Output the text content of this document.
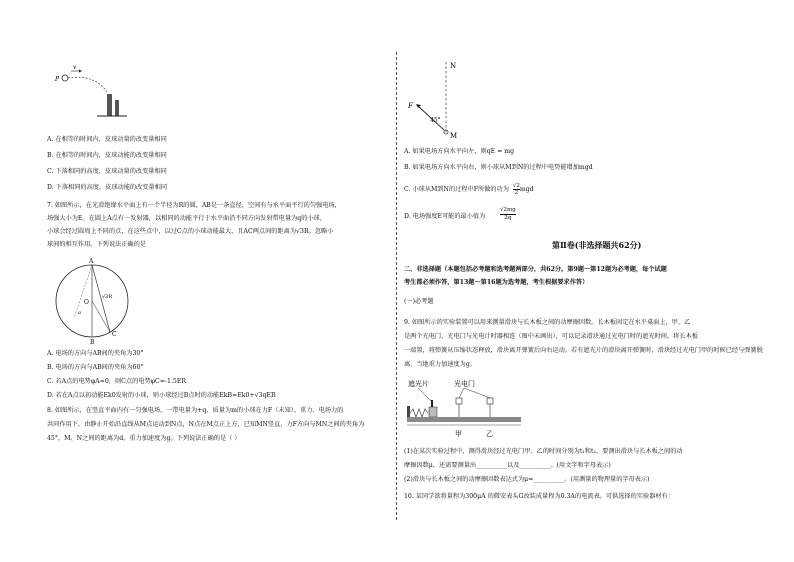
v
P
A. 在相等的时间内，皮球动量的改变量相同
B. 在相等的时间内，皮球动能的改变量相同
C. 下落相同的高度，皮球动量的改变量相同
D. 下落相同的高度，皮球动能的改变量相同
7. 如图所示，在光滑绝缘水平面上有一个半径为R的圆，AB是一条直径，空间有与水平面平行的匀强电场，
场强大小为E。在圆上A点有一发射器，以相同的动能平行于水平面沿不同方向发射带电量为q的小球，
小球会经过圆周上不同的点，在这些点中，以过C点的小球动能最大，且AC两点间的距离为√3R。忽略小
球间的相互作用。下列说法正确的是
A
B
C
O
√3R
a
A. 电场的方向与AB间的夹角为30°
B. 电场的方向与AB间的夹角为60°
C. 若A点的电势φA=0，则C点的电势φC=-1.5ER
D. 若在A点以初动能Ek0发射的小球，则小球经过B点时的动能EkB=Ek0+√3qER
8. 如图所示，在竖直平面内有一匀强电场，一带电量为+q、质量为m的小球在力F（未知）、重力、电场力的
共同作用下，由静止开始沿直线从M点运动到N点，N点在M点正上方，已知MN竖直，力F方向与MN之间的夹角为
45°，M、N之间的距离为d，重力加速度为g。下列说法正确的是（ ）
N
F
45°
M
A. 如果电场方向水平向左，则qE = mg
B. 如果电场方向水平向右，则小球从M到N的过程中电势能增加mgd
C. 小球从M到N的过程中F所做的功为 $\frac{√2}{2}$ mgd
D. 电场强度E可能的最小值为	$\frac{√2mg}{2q}$
第Ⅱ卷(非选择题共62分)
二、非选择题（本题包括必考题和选考题两部分，共62分。第9题～第12题为必考题，每个试题
考生都必须作答，第13题～第16题为选考题，考生根据要求作答）
(一)必考题
9. 如图所示的实验装置可以用来测量滑块与长木板之间的动摩擦因数。长木板固定在水平桌面上，甲、乙
是两个光电门，光电门与光电计时器相连（图中未画出），可以记录滑块通过光电门时的遮光时间。将长木板
一端置，将弹簧从压缩状态释放，滑块离开弹簧后向右运动。若有遮光片的滑块离开弹簧时，滑块经过光电门甲的时候已经与弹簧脱
离，当地重力加速度为g。
遮光片	光电门
甲	乙
(1)在某次实验过程中，测得滑块经过光电门甲、乙的时间分别为t₁和t₂，要测出滑块与长木板之间的动
摩擦因数μ，还需要测量出__________以及__________。(用文字和字母表示)
(2)滑块与长木板之间的动摩擦因数表达式为μ=__________。(用测量的物理量的字母表示)
10. 某同学欲将量程为300μA 的微安表头G改装成量程为0.3A的电流表。可供选择的实验器材有：
